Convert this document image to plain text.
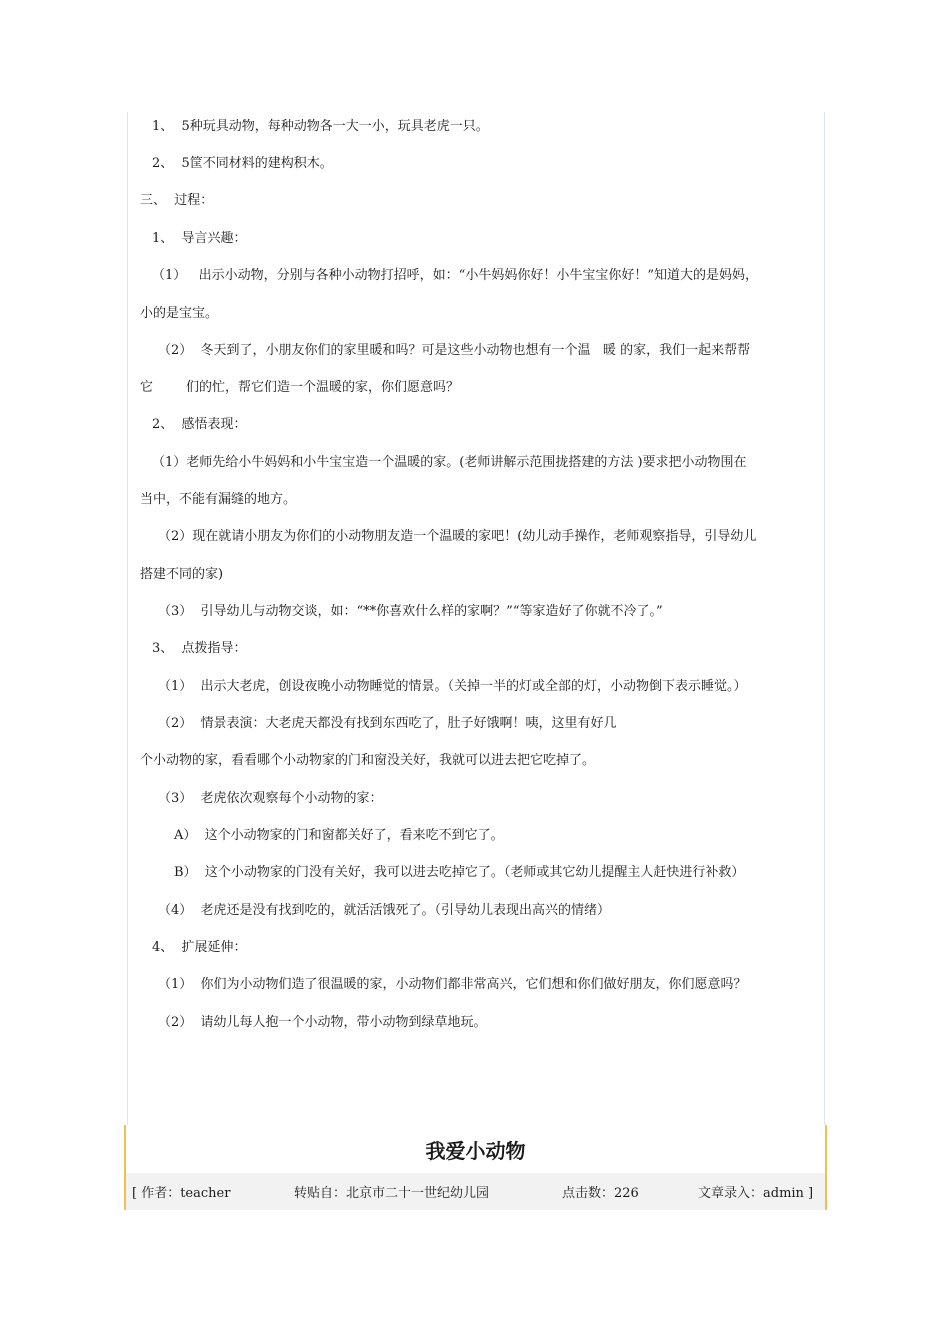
1、  5种玩具动物，每种动物各一大一小，玩具老虎一只。
2、  5筐不同材料的建构积木。
三、  过程：
1、  导言兴趣：
（1）   出示小动物，分别与各种小动物打招呼，如：“小牛妈妈你好！小牛宝宝你好！”知道大的是妈妈，
小的是宝宝。
（2）  冬天到了，小朋友你们的家里暖和吗？可是这些小动物也想有一个温   暖 的家，我们一起来帮帮
它        们的忙，帮它们造一个温暖的家，你们愿意吗？
2、  感悟表现：
（1）老师先给小牛妈妈和小牛宝宝造一个温暖的家。(老师讲解示范围拢搭建的方法 )要求把小动物围在
当中，不能有漏缝的地方。
（2）现在就请小朋友为你们的小动物朋友造一个温暖的家吧！(幼儿动手操作，老师观察指导，引导幼儿
搭建不同的家)
（3）  引导幼儿与动物交谈，如：“**你喜欢什么样的家啊？”“等家造好了你就不冷了。”
3、  点拨指导：
（1）  出示大老虎，创设夜晚小动物睡觉的情景。（关掉一半的灯或全部的灯，小动物倒下表示睡觉。）
（2）  情景表演：大老虎天都没有找到东西吃了，肚子好饿啊！咦，这里有好几
个小动物的家，看看哪个小动物家的门和窗没关好，我就可以进去把它吃掉了。
（3）  老虎依次观察每个小动物的家：
A）  这个小动物家的门和窗都关好了，看来吃不到它了。
B）  这个小动物家的门没有关好，我可以进去吃掉它了。（老师或其它幼儿提醒主人赶快进行补救）
（4）  老虎还是没有找到吃的，就活活饿死了。（引导幼儿表现出高兴的情绪）
4、  扩展延伸：
（1）  你们为小动物们造了很温暖的家，小动物们都非常高兴，它们想和你们做好朋友，你们愿意吗？
（2）  请幼儿每人抱一个小动物，带小动物到绿草地玩。
我爱小动物
[ 作者：teacher	转贴自：北京市二十一世纪幼儿园	点击数：226	文章录入：admin ]
